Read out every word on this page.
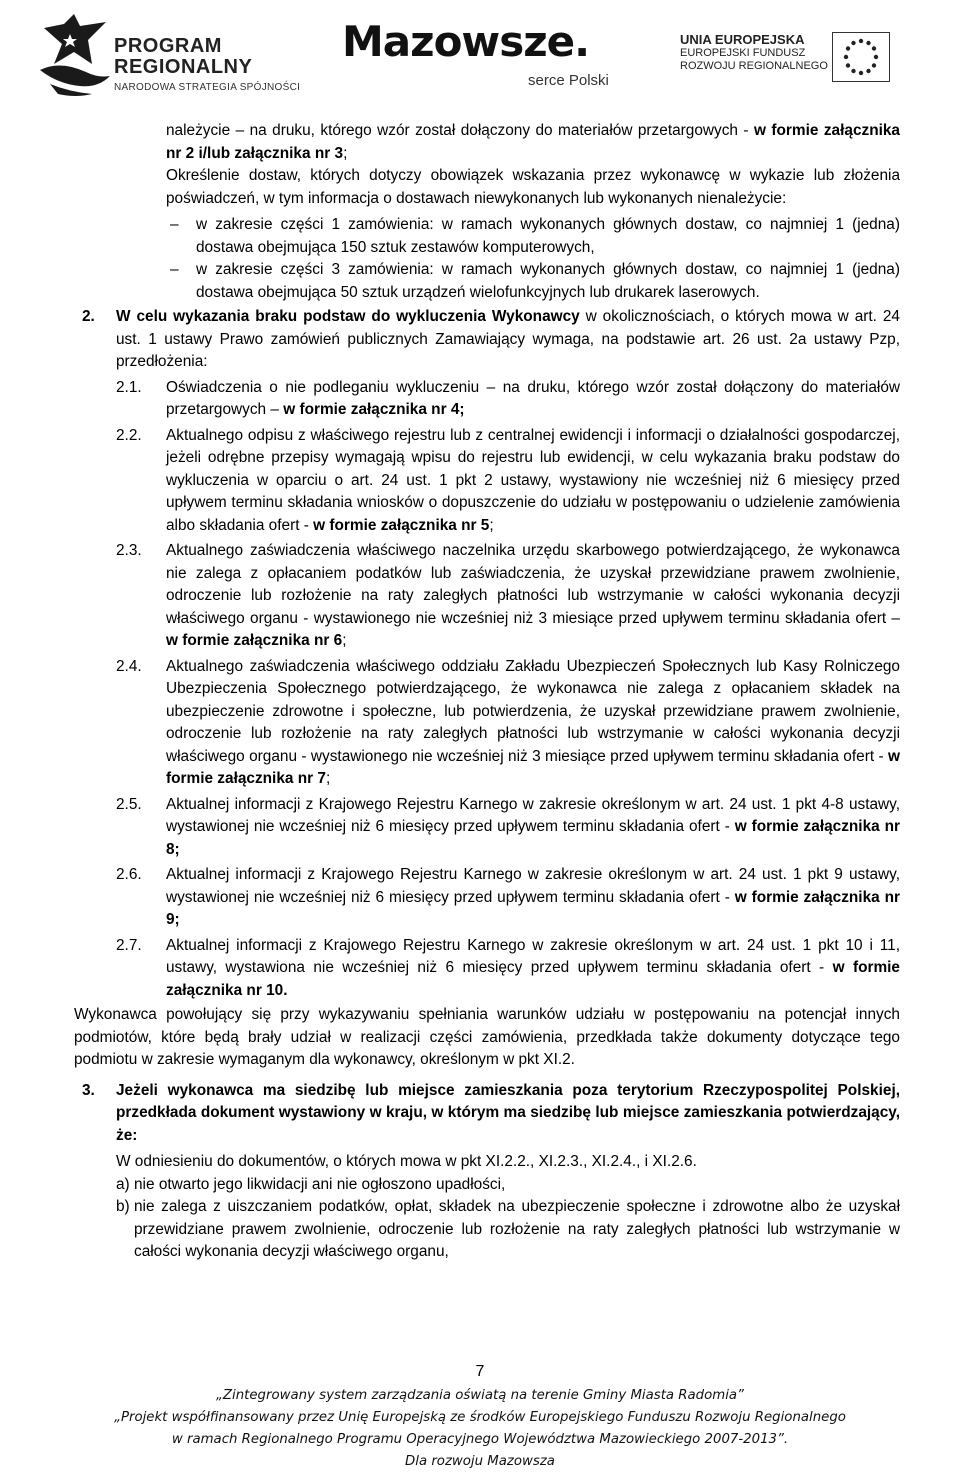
PROGRAM
REGIONALNY
NARODOWA STRATEGIA SPÓJNOŚCI
Mazowsze.
serce Polski
UNIA EUROPEJSKA
EUROPEJSKI FUNDUSZ
ROZWOJU REGIONALNEGO

należycie – na druku, którego wzór został dołączony do materiałów przetargowych - w formie załącznika nr 2 i/lub załącznika nr 3;

Określenie dostaw, których dotyczy obowiązek wskazania przez wykonawcę w wykazie lub złożenia poświadczeń, w tym informacja o dostawach niewykonanych lub wykonanych nienależycie:

– w zakresie części 1 zamówienia: w ramach wykonanych głównych dostaw, co najmniej 1 (jedna) dostawa obejmująca 150 sztuk zestawów komputerowych,

– w zakresie części 3 zamówienia: w ramach wykonanych głównych dostaw, co najmniej 1 (jedna) dostawa obejmująca 50 sztuk urządzeń wielofunkcyjnych lub drukarek laserowych.

2. W celu wykazania braku podstaw do wykluczenia Wykonawcy w okolicznościach, o których mowa w art. 24 ust. 1 ustawy Prawo zamówień publicznych Zamawiający wymaga, na podstawie art. 26 ust. 2a ustawy Pzp, przedłożenia:

2.1. Oświadczenia o nie podleganiu wykluczeniu – na druku, którego wzór został dołączony do materiałów przetargowych – w formie załącznika nr 4;

2.2. Aktualnego odpisu z właściwego rejestru lub z centralnej ewidencji i informacji o działalności gospodarczej, jeżeli odrębne przepisy wymagają wpisu do rejestru lub ewidencji, w celu wykazania braku podstaw do wykluczenia w oparciu o art. 24 ust. 1 pkt 2 ustawy, wystawiony nie wcześniej niż 6 miesięcy przed upływem terminu składania wniosków o dopuszczenie do udziału w postępowaniu o udzielenie zamówienia albo składania ofert - w formie załącznika nr 5;

2.3. Aktualnego zaświadczenia właściwego naczelnika urzędu skarbowego potwierdzającego, że wykonawca nie zalega z opłacaniem podatków lub zaświadczenia, że uzyskał przewidziane prawem zwolnienie, odroczenie lub rozłożenie na raty zaległych płatności lub wstrzymanie w całości wykonania decyzji właściwego organu - wystawionego nie wcześniej niż 3 miesiące przed upływem terminu składania ofert – w formie załącznika nr 6;

2.4. Aktualnego zaświadczenia właściwego oddziału Zakładu Ubezpieczeń Społecznych lub Kasy Rolniczego Ubezpieczenia Społecznego potwierdzającego, że wykonawca nie zalega z opłacaniem składek na ubezpieczenie zdrowotne i społeczne, lub potwierdzenia, że uzyskał przewidziane prawem zwolnienie, odroczenie lub rozłożenie na raty zaległych płatności lub wstrzymanie w całości wykonania decyzji właściwego organu - wystawionego nie wcześniej niż 3 miesiące przed upływem terminu składania ofert - w formie załącznika nr 7;

2.5. Aktualnej informacji z Krajowego Rejestru Karnego w zakresie określonym w art. 24 ust. 1 pkt 4-8 ustawy, wystawionej nie wcześniej niż 6 miesięcy przed upływem terminu składania ofert - w formie załącznika nr 8;

2.6. Aktualnej informacji z Krajowego Rejestru Karnego w zakresie określonym w art. 24 ust. 1 pkt 9 ustawy, wystawionej nie wcześniej niż 6 miesięcy przed upływem terminu składania ofert - w formie załącznika nr 9;

2.7. Aktualnej informacji z Krajowego Rejestru Karnego w zakresie określonym w art. 24 ust. 1 pkt 10 i 11, ustawy, wystawiona nie wcześniej niż 6 miesięcy przed upływem terminu składania ofert - w formie załącznika nr 10.

Wykonawca powołujący się przy wykazywaniu spełniania warunków udziału w postępowaniu na potencjał innych podmiotów, które będą brały udział w realizacji części zamówienia, przedkłada także dokumenty dotyczące tego podmiotu w zakresie wymaganym dla wykonawcy, określonym w pkt XI.2.

3. Jeżeli wykonawca ma siedzibę lub miejsce zamieszkania poza terytorium Rzeczypospolitej Polskiej, przedkłada dokument wystawiony w kraju, w którym ma siedzibę lub miejsce zamieszkania potwierdzający, że:

W odniesieniu do dokumentów, o których mowa w pkt XI.2.2., XI.2.3., XI.2.4., i XI.2.6.

a) nie otwarto jego likwidacji ani nie ogłoszono upadłości,

b) nie zalega z uiszczaniem podatków, opłat, składek na ubezpieczenie społeczne i zdrowotne albo że uzyskał przewidziane prawem zwolnienie, odroczenie lub rozłożenie na raty zaległych płatności lub wstrzymanie w całości wykonania decyzji właściwego organu,

7
„Zintegrowany system zarządzania oświatą na terenie Gminy Miasta Radomia”
„Projekt współfinansowany przez Unię Europejską ze środków Europejskiego Funduszu Rozwoju Regionalnego
w ramach Regionalnego Programu Operacyjnego Województwa Mazowieckiego 2007-2013”.
Dla rozwoju Mazowsza
